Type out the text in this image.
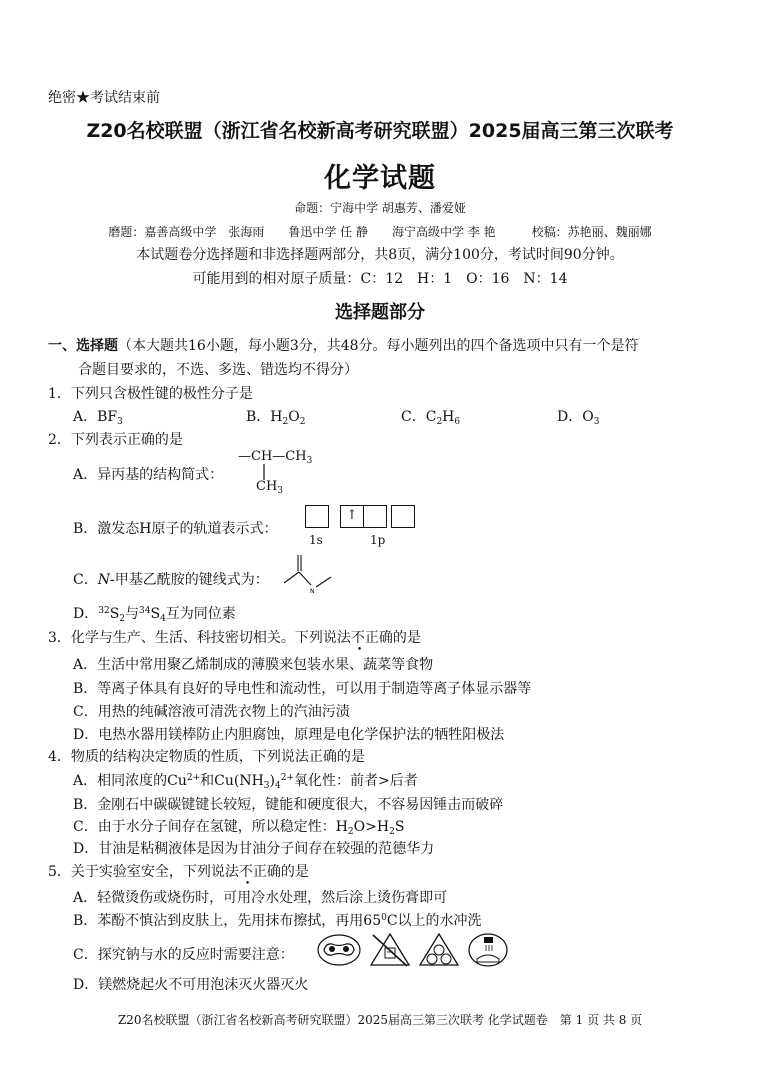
绝密★考试结束前
Z20名校联盟（浙江省名校新高考研究联盟）2025届高三第三次联考
化学试题
命题：宁海中学 胡惠芳、潘爱娅
磨题：嘉善高级中学　张海雨　　鲁迅中学 任 静　　海宁高级中学 李 艳　　　校稿：苏艳丽、魏丽娜
本试题卷分选择题和非选择题两部分，共8页，满分100分，考试时间90分钟。
可能用到的相对原子质量：C：12　H：1　O：16　N：14
选择题部分
一、选择题（本大题共16小题，每小题3分，共48分。每小题列出的四个备选项中只有一个是符
合题目要求的，不选、多选、错选均不得分）
1．下列只含极性键的极性分子是
A．$BF_3$	B．$H_2O_2$	C．$C_2H_6$	D．$O_3$
2．下列表示正确的是
A．异丙基的结构简式：
$—CH—CH_3$
$CH_3$
B．激发态H原子的轨道表示式：
↑
1s	1p
C．N-甲基乙酰胺的键线式为：
N
D．$^{32}S_2$与$^{34}S_4$互为同位素
3．化学与生产、生活、科技密切相关。下列说法不
•
正确的是
A．生活中常用聚乙烯制成的薄膜来包装水果、蔬菜等食物
B．等离子体具有良好的导电性和流动性，可以用于制造等离子体显示器等
C．用热的纯碱溶液可清洗衣物上的汽油污渍
D．电热水器用镁棒防止内胆腐蚀，原理是电化学保护法的牺牲阳极法
4．物质的结构决定物质的性质，下列说法正确的是
A．相同浓度的$Cu^{2+}$和$Cu(NH_3)_4^{2+}$氧化性：前者>后者
B．金刚石中碳碳键键长较短，键能和硬度很大，不容易因锤击而破碎
C．由于水分子间存在氢键，所以稳定性：$H_2O>H_2S$
D．甘油是粘稠液体是因为甘油分子间存在较强的范德华力
5．关于实验室安全，下列说法不
•
正确的是
A．轻微烫伤或烧伤时，可用冷水处理，然后涂上烫伤膏即可
B．苯酚不慎沾到皮肤上，先用抹布擦拭，再用$65^0C$以上的水冲洗
C．探究钠与水的反应时需要注意：
D．镁燃烧起火不可用泡沫灭火器灭火
Z20名校联盟（浙江省名校新高考研究联盟）2025届高三第三次联考 化学试题卷　第 1 页 共 8 页
